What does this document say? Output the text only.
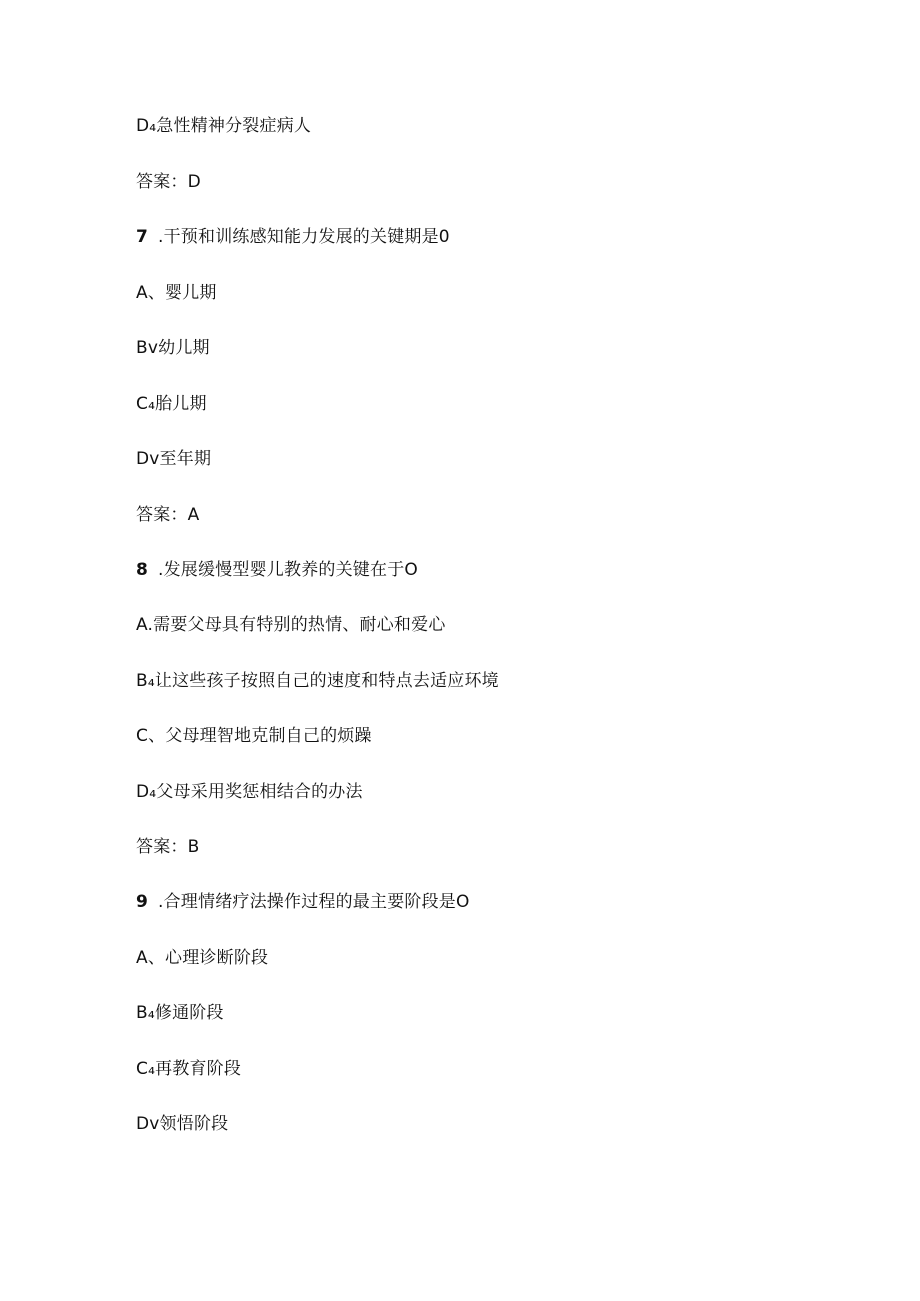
D₄急性精神分裂症病人
答案：D
7 .干预和训练感知能力发展的关键期是0
A、婴儿期
Bv幼儿期
C₄胎儿期
Dv至年期
答案：A
8 .发展缓慢型婴儿教养的关键在于O
A.需要父母具有特别的热情、耐心和爱心
B₄让这些孩子按照自己的速度和特点去适应环境
C、父母理智地克制自己的烦躁
D₄父母采用奖惩相结合的办法
答案：B
9 .合理情绪疗法操作过程的最主要阶段是O
A、心理诊断阶段
B₄修通阶段
C₄再教育阶段
Dv领悟阶段
